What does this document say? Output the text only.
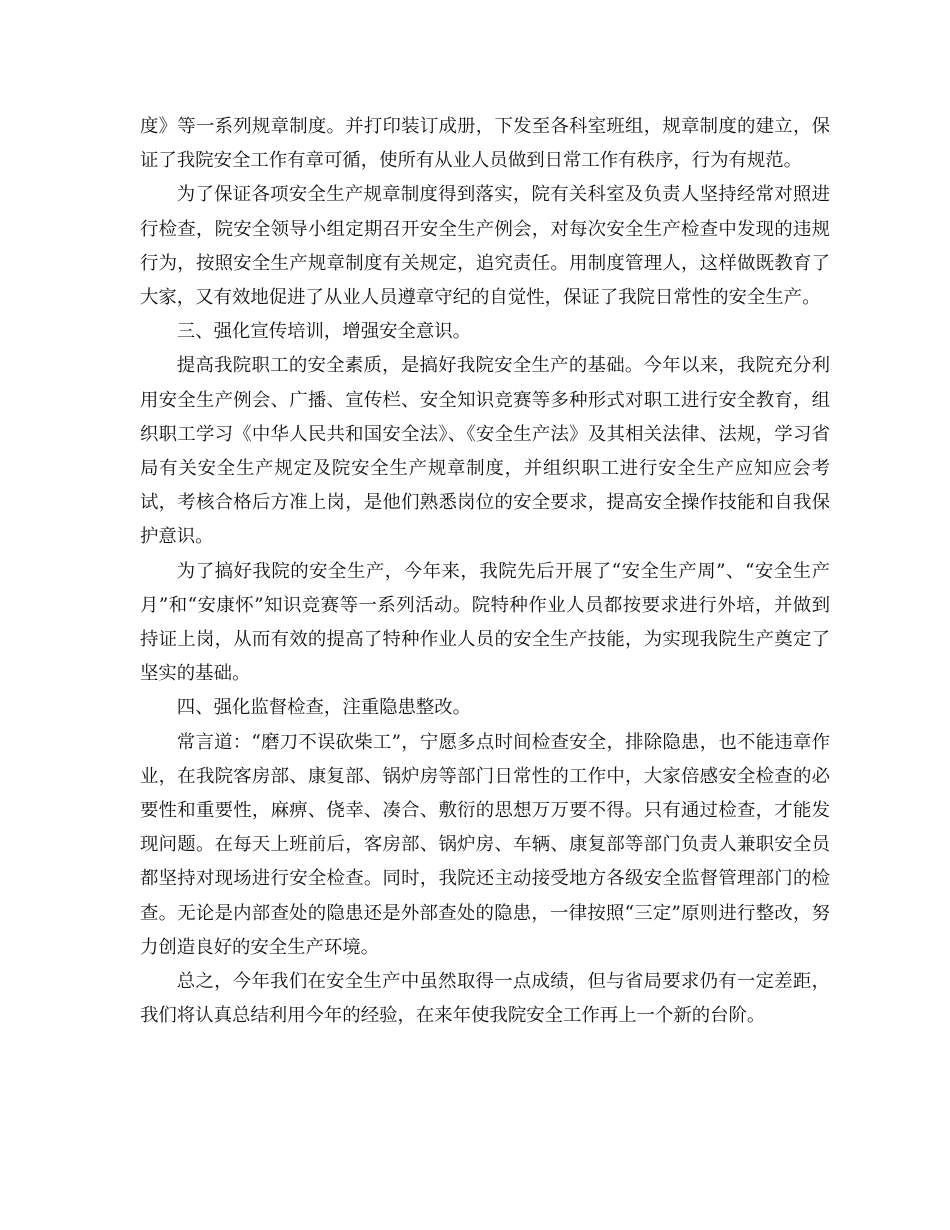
度》等一系列规章制度。并打印装订成册，下发至各科室班组，规章制度的建立，保证了我院安全工作有章可循，使所有从业人员做到日常工作有秩序，行为有规范。

为了保证各项安全生产规章制度得到落实，院有关科室及负责人坚持经常对照进行检查，院安全领导小组定期召开安全生产例会，对每次安全生产检查中发现的违规行为，按照安全生产规章制度有关规定，追究责任。用制度管理人，这样做既教育了大家，又有效地促进了从业人员遵章守纪的自觉性，保证了我院日常性的安全生产。

三、强化宣传培训，增强安全意识。

提高我院职工的安全素质，是搞好我院安全生产的基础。今年以来，我院充分利用安全生产例会、广播、宣传栏、安全知识竞赛等多种形式对职工进行安全教育，组织职工学习《中华人民共和国安全法》、《安全生产法》及其相关法律、法规，学习省局有关安全生产规定及院安全生产规章制度，并组织职工进行安全生产应知应会考试，考核合格后方准上岗，是他们熟悉岗位的安全要求，提高安全操作技能和自我保护意识。

为了搞好我院的安全生产，今年来，我院先后开展了“安全生产周”、“安全生产月”和“安康怀”知识竞赛等一系列活动。院特种作业人员都按要求进行外培，并做到持证上岗，从而有效的提高了特种作业人员的安全生产技能，为实现我院生产奠定了坚实的基础。

四、强化监督检查，注重隐患整改。

常言道：“磨刀不误砍柴工”，宁愿多点时间检查安全，排除隐患，也不能违章作业，在我院客房部、康复部、锅炉房等部门日常性的工作中，大家倍感安全检查的必要性和重要性，麻痹、侥幸、凑合、敷衍的思想万万要不得。只有通过检查，才能发现问题。在每天上班前后，客房部、锅炉房、车辆、康复部等部门负责人兼职安全员都坚持对现场进行安全检查。同时，我院还主动接受地方各级安全监督管理部门的检查。无论是内部查处的隐患还是外部查处的隐患，一律按照“三定”原则进行整改，努力创造良好的安全生产环境。

总之，今年我们在安全生产中虽然取得一点成绩，但与省局要求仍有一定差距，我们将认真总结利用今年的经验，在来年使我院安全工作再上一个新的台阶。
